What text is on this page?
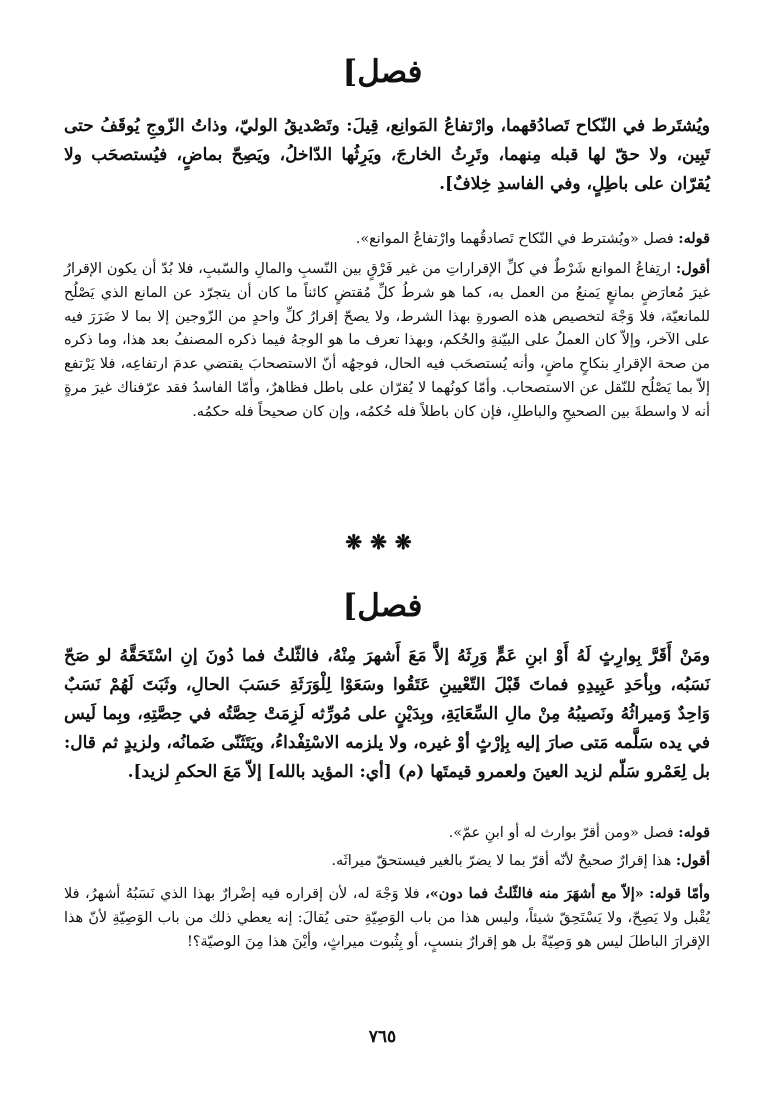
[فصل

ويُشتَرط في النّكاح تَصادُقهما، وارْتفاعُ المَوانِع، قِيلَ: وتَصْديقُ الوليّ، وذاتُ الزّوجِ يُوقَفُ حتى تَبِين، ولا حقّ لها قبله مِنهما، وتَرِثُ الخارجَ، ويَرِثُها الدّاخلُ، ويَصِحّ بماضٍ، فيُستصحَب ولا يُقرّان على باطِلٍ، وفي الفاسدِ خِلافٌ].

قوله: فصل «ويُشترط في النّكاح تَصادقُهما وارْتفاعُ الموانع».

أقول: ارتِفاعُ الموانع شَرْطٌ في كلِّ الإقراراتِ من غير فَرْقٍ بين النّسبِ والمالِ والسّببِ، فلا بُدّ أن يكون الإقرارُ غيرَ مُعارَضٍ بمانعٍ يَمنعُ من العمل به، كما هو شرطُ كلِّ مُقتضٍ كائناً ما كان أن يتجرّد عن المانع الذي يَصْلُح للمانعيّة، فلا وَجْهَ لتخصيص هذه الصورةِ بهذا الشرط، ولا يصحّ إقرارُ كلِّ واحدٍ من الزّوجين إلا بما لا ضَرَرَ فيه على الآخر، وإلاّ كان العملُ على البيّنةِ والحُكم، وبهذا تعرف ما هو الوجهُ فيما ذكره المصنفُ بعد هذا، وما ذكره من صحة الإقرارِ بنكاحٍ ماضٍ، وأنه يُستصحَب فيه الحال، فوجهُه أنّ الاستصحابَ يقتضي عدمَ ارتفاعِه، فلا يَرْتفع إلاّ بما يَصْلُح للنّقل عن الاستصحاب. وأمّا كونُهما لا يُقرّان على باطل فظاهرٌ، وأمّا الفاسدُ فقد عرّفناك غيرَ مرةٍ أنه لا واسطةَ بين الصحيحِ والباطلِ، فإن كان باطلاً فله حُكمُه، وإن كان صحيحاً فله حكمُه.

❋❋❋
[فصل

ومَنْ أَقَرَّ بِوارِثٍ لَهُ أَوْ ابنِ عَمٍّ وَرِثَهُ إلاَّ مَعَ أَشهرَ مِنْهُ، فالثّلثُ فما دُونَ إنِ اسْتَحَقَّهُ لو صَحّ نَسَبُه، وبِأحَدِ عَبِيدِهِ فماتَ قَبْلَ التّعْيينِ عَتَقُوا وسَعَوْا لِلْوَرَثَةِ حَسَبَ الحالِ، وثَبَتَ لَهُمْ نَسَبٌ وَاحِدٌ وَميراثُهُ ونَصيبُهُ مِنْ مالِ السِّعَايَةِ، وبِدَيْنٍ على مُورِّثه لَزِمَتْ حِصَّتُه في حِصَّتِهِ، وبِما لَيس في يده سَلَّمه مَتى صارَ إليه بِإرْثٍ أوْ غيره، ولا يلزمه الاسْتِفْداءُ، ويَتَثَنّى ضَمانُه، ولزيدٍ ثم قال: بل لِعَمْرو سَلّم لزيد العينَ ولعمرو قيمتَها (م) [أي: المؤيد بالله] إلاّ مَعَ الحكمِ لزيد].

قوله: فصل «ومن أقرّ بوارث له أو ابنِ عمّ».

أقول: هذا إقرارٌ صحيحٌ لأنّه أقرّ بما لا يضرّ بالغير فيستحقّ ميراثَه.

وأمّا قوله: «إلاّ مع أشهَرَ منه فالثّلثُ فما دون»، فلا وَجْهَ له، لأن إقراره فيه إضْرارٌ بهذا الذي نَسَبُهُ أشهرُ، فلا يُقْبل ولا يَصِحّ، ولا يَسْتَحِقّ شيئاً، وليس هذا من باب الوَصِيّةِ حتى يُقالَ: إنه يعطي ذلك من باب الوَصِيّةِ لأنّ هذا الإقرارَ الباطلَ ليس هو وَصِيّةً بل هو إقرارٌ بنسبٍ، أو بِثُبوت ميراثٍ، وأيْنَ هذا مِنَ الوصيّة؟!

٧٦٥
